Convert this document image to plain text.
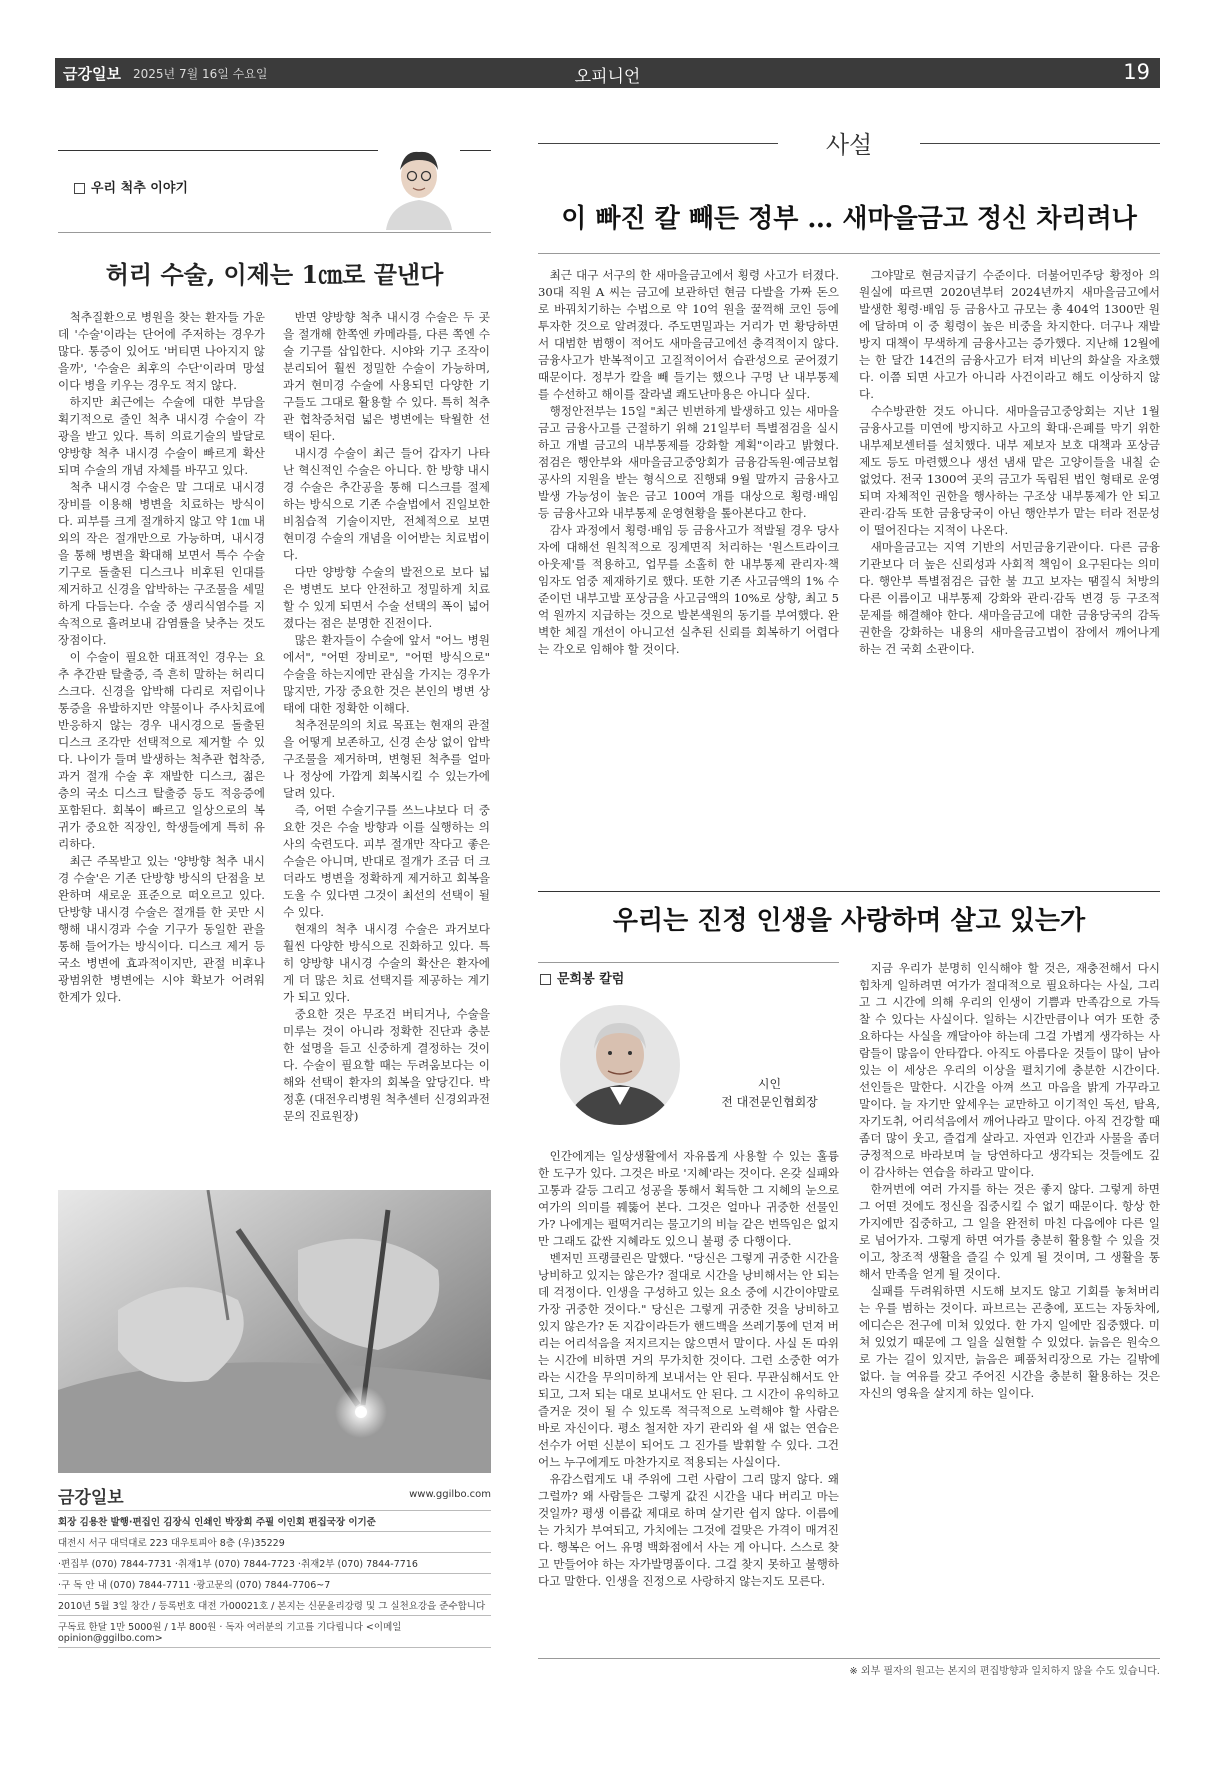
금강일보 2025년 7월 16일 수요일	오피니언	19
우리 척추 이야기
허리 수술, 이제는 1㎝로 끝낸다

척추질환으로 병원을 찾는 환자들 가운데 '수술'이라는 단어에 주저하는 경우가 많다. 통증이 있어도 '버티면 나아지지 않을까', '수술은 최후의 수단'이라며 망설이다 병을 키우는 경우도 적지 않다.

하지만 최근에는 수술에 대한 부담을 획기적으로 줄인 척추 내시경 수술이 각광을 받고 있다. 특히 의료기술의 발달로 양방향 척추 내시경 수술이 빠르게 확산되며 수술의 개념 자체를 바꾸고 있다.

척추 내시경 수술은 말 그대로 내시경 장비를 이용해 병변을 치료하는 방식이다. 피부를 크게 절개하지 않고 약 1㎝ 내외의 작은 절개만으로 가능하며, 내시경을 통해 병변을 확대해 보면서 특수 수술 기구로 돌출된 디스크나 비후된 인대를 제거하고 신경을 압박하는 구조물을 세밀하게 다듬는다. 수술 중 생리식염수를 지속적으로 흘려보내 감염률을 낮추는 것도 장점이다.

이 수술이 필요한 대표적인 경우는 요추 추간판 탈출증, 즉 흔히 말하는 허리디스크다. 신경을 압박해 다리로 저림이나 통증을 유발하지만 약물이나 주사치료에 반응하지 않는 경우 내시경으로 돌출된 디스크 조각만 선택적으로 제거할 수 있다. 나이가 들며 발생하는 척추관 협착증, 과거 절개 수술 후 재발한 디스크, 젊은 층의 국소 디스크 탈출증 등도 적응증에 포함된다. 회복이 빠르고 일상으로의 복귀가 중요한 직장인, 학생들에게 특히 유리하다.

최근 주목받고 있는 '양방향 척추 내시경 수술'은 기존 단방향 방식의 단점을 보완하며 새로운 표준으로 떠오르고 있다. 단방향 내시경 수술은 절개를 한 곳만 시행해 내시경과 수술 기구가 동일한 관을 통해 들어가는 방식이다. 디스크 제거 등 국소 병변에 효과적이지만, 관절 비후나 광범위한 병변에는 시야 확보가 어려워 한계가 있다.

반면 양방향 척추 내시경 수술은 두 곳을 절개해 한쪽엔 카메라를, 다른 쪽엔 수술 기구를 삽입한다. 시야와 기구 조작이 분리되어 훨씬 정밀한 수술이 가능하며, 과거 현미경 수술에 사용되던 다양한 기구들도 그대로 활용할 수 있다. 특히 척추관 협착증처럼 넓은 병변에는 탁월한 선택이 된다.

내시경 수술이 최근 들어 갑자기 나타난 혁신적인 수술은 아니다. 한 방향 내시경 수술은 추간공을 통해 디스크를 절제하는 방식으로 기존 수술법에서 진일보한 비침습적 기술이지만, 전체적으로 보면 현미경 수술의 개념을 이어받는 치료법이다.

다만 양방향 수술의 발전으로 보다 넓은 병변도 보다 안전하고 정밀하게 치료할 수 있게 되면서 수술 선택의 폭이 넓어졌다는 점은 분명한 진전이다.

많은 환자들이 수술에 앞서 "어느 병원에서", "어떤 장비로", "어떤 방식으로" 수술을 하는지에만 관심을 가지는 경우가 많지만, 가장 중요한 것은 본인의 병변 상태에 대한 정확한 이해다.

척추전문의의 치료 목표는 현재의 관절을 어떻게 보존하고, 신경 손상 없이 압박 구조물을 제거하며, 변형된 척추를 얼마나 정상에 가깝게 회복시킬 수 있는가에 달려 있다.

즉, 어떤 수술기구를 쓰느냐보다 더 중요한 것은 수술 방향과 이를 실행하는 의사의 숙련도다. 피부 절개만 작다고 좋은 수술은 아니며, 반대로 절개가 조금 더 크더라도 병변을 정확하게 제거하고 회복을 도울 수 있다면 그것이 최선의 선택이 될 수 있다.

현재의 척추 내시경 수술은 과거보다 훨씬 다양한 방식으로 진화하고 있다. 특히 양방향 내시경 수술의 확산은 환자에게 더 많은 치료 선택지를 제공하는 계기가 되고 있다.

중요한 것은 무조건 버티거나, 수술을 미루는 것이 아니라 정확한 진단과 충분한 설명을 듣고 신중하게 결정하는 것이다. 수술이 필요할 때는 두려움보다는 이해와 선택이 환자의 회복을 앞당긴다. 박정훈 (대전우리병원 척추센터 신경외과전문의 진료원장)

금강일보	www.ggilbo.com
회장 김용찬 발행·편집인 김장식 인쇄인 박장희 주필 이인회 편집국장 이기준
대전시 서구 대덕대로 223 대우토피아 8층 (우)35229
·편집부 (070) 7844-7731 ·취재1부 (070) 7844-7723 ·취재2부 (070) 7844-7716
·구 독 안 내 (070) 7844-7711 ·광고문의 (070) 7844-7706~7
2010년 5월 3일 창간 / 등록번호 대전 가00021호 / 본지는 신문윤리강령 및 그 실천요강을 준수합니다
구독료 한달 1만 5000원 / 1부 800원 · 독자 여러분의 기고를 기다립니다 <이메일 opinion@ggilbo.com>
사설
이 빠진 칼 빼든 정부 … 새마을금고 정신 차리려나

최근 대구 서구의 한 새마을금고에서 횡령 사고가 터졌다. 30대 직원 A 씨는 금고에 보관하던 현금 다발을 가짜 돈으로 바꿔치기하는 수법으로 약 10억 원을 꿀꺽해 코인 등에 투자한 것으로 알려졌다. 주도면밀과는 거리가 먼 황당하면서 대범한 범행이 적어도 새마을금고에선 충격적이지 않다. 금융사고가 반복적이고 고질적이어서 습관성으로 굳어졌기 때문이다. 정부가 칼을 빼 들기는 했으나 구멍 난 내부통제를 수선하고 해이를 잘라낼 쾌도난마용은 아니다 싶다.

행정안전부는 15일 "최근 빈번하게 발생하고 있는 새마을금고 금융사고를 근절하기 위해 21일부터 특별점검을 실시하고 개별 금고의 내부통제를 강화할 계획"이라고 밝혔다. 점검은 행안부와 새마을금고중앙회가 금융감독원·예금보험공사의 지원을 받는 형식으로 진행돼 9월 말까지 금융사고 발생 가능성이 높은 금고 100여 개를 대상으로 횡령·배임 등 금융사고와 내부통제 운영현황을 톺아본다고 한다.

감사 과정에서 횡령·배임 등 금융사고가 적발될 경우 당사자에 대해선 원칙적으로 징계면직 처리하는 '원스트라이크 아웃제'를 적용하고, 업무를 소홀히 한 내부통제 관리자·책임자도 엄중 제재하기로 했다. 또한 기존 사고금액의 1% 수준이던 내부고발 포상금을 사고금액의 10%로 상향, 최고 5억 원까지 지급하는 것으로 발본색원의 동기를 부여했다. 완벽한 체질 개선이 아니고선 실추된 신뢰를 회복하기 어렵다는 각오로 임해야 할 것이다.

그야말로 현금지급기 수준이다. 더불어민주당 황정아 의원실에 따르면 2020년부터 2024년까지 새마을금고에서 발생한 횡령·배임 등 금융사고 규모는 총 404억 1300만 원에 달하며 이 중 횡령이 높은 비중을 차지한다. 더구나 재발 방지 대책이 무색하게 금융사고는 증가했다. 지난해 12월에는 한 달간 14건의 금융사고가 터져 비난의 화살을 자초했다. 이쯤 되면 사고가 아니라 사건이라고 해도 이상하지 않다.

수수방관한 것도 아니다. 새마을금고중앙회는 지난 1월 금융사고를 미연에 방지하고 사고의 확대·은폐를 막기 위한 내부제보센터를 설치했다. 내부 제보자 보호 대책과 포상금제도 등도 마련했으나 생선 냄새 맡은 고양이들을 내칠 순 없었다. 전국 1300여 곳의 금고가 독립된 법인 형태로 운영되며 자체적인 권한을 행사하는 구조상 내부통제가 안 되고 관리·감독 또한 금융당국이 아닌 행안부가 맡는 터라 전문성이 떨어진다는 지적이 나온다.

새마을금고는 지역 기반의 서민금융기관이다. 다른 금융기관보다 더 높은 신뢰성과 사회적 책임이 요구된다는 의미다. 행안부 특별점검은 급한 불 끄고 보자는 땜질식 처방의 다른 이름이고 내부통제 강화와 관리·감독 변경 등 구조적 문제를 해결해야 한다. 새마을금고에 대한 금융당국의 감독 권한을 강화하는 내용의 새마을금고법이 잠에서 깨어나게 하는 건 국회 소관이다.

우리는 진정 인생을 사랑하며 살고 있는가
문희봉 칼럼
시인
전 대전문인협회장

인간에게는 일상생활에서 자유롭게 사용할 수 있는 훌륭한 도구가 있다. 그것은 바로 '지혜'라는 것이다. 온갖 실패와 고통과 갈등 그리고 성공을 통해서 획득한 그 지혜의 눈으로 여가의 의미를 꿰뚫어 본다. 그것은 얼마나 귀중한 선물인가? 나에게는 펄떡거리는 물고기의 비늘 같은 번뜩임은 없지만 그래도 값싼 지혜라도 있으니 불평 중 다행이다.

벤저민 프랭클린은 말했다. "당신은 그렇게 귀중한 시간을 낭비하고 있지는 않은가? 절대로 시간을 낭비해서는 안 되는데 걱정이다. 인생을 구성하고 있는 요소 중에 시간이야말로 가장 귀중한 것이다." 당신은 그렇게 귀중한 것을 낭비하고 있지 않은가? 돈 지갑이라든가 핸드백을 쓰레기통에 던져 버리는 어리석음을 저지르지는 않으면서 말이다. 사실 돈 따위는 시간에 비하면 거의 무가치한 것이다. 그런 소중한 여가라는 시간을 무의미하게 보내서는 안 된다. 무관심해서도 안 되고, 그저 되는 대로 보내서도 안 된다. 그 시간이 유익하고 즐거운 것이 될 수 있도록 적극적으로 노력해야 할 사람은 바로 자신이다. 평소 철저한 자기 관리와 쉴 새 없는 연습은 선수가 어떤 신분이 되어도 그 진가를 발휘할 수 있다. 그건 어느 누구에게도 마찬가지로 적용되는 사실이다.

유감스럽게도 내 주위에 그런 사람이 그리 많지 않다. 왜 그럴까? 왜 사람들은 그렇게 값진 시간을 내다 버리고 마는 것일까? 평생 이름값 제대로 하며 살기란 쉽지 않다. 이름에는 가치가 부여되고, 가치에는 그것에 걸맞은 가격이 매겨진다. 행복은 어느 유명 백화점에서 사는 게 아니다. 스스로 찾고 만들어야 하는 자가발명품이다. 그걸 찾지 못하고 불행하다고 말한다. 인생을 진정으로 사랑하지 않는지도 모른다.

지금 우리가 분명히 인식해야 할 것은, 재충전해서 다시 힘차게 일하려면 여가가 절대적으로 필요하다는 사실, 그리고 그 시간에 의해 우리의 인생이 기쁨과 만족감으로 가득 찰 수 있다는 사실이다. 일하는 시간만큼이나 여가 또한 중요하다는 사실을 깨달아야 하는데 그걸 가볍게 생각하는 사람들이 많음이 안타깝다. 아직도 아름다운 것들이 많이 남아 있는 이 세상은 우리의 이상을 펼치기에 충분한 시간이다. 선인들은 말한다. 시간을 아껴 쓰고 마음을 밝게 가꾸라고 말이다. 늘 자기만 앞세우는 교만하고 이기적인 독선, 탐욕, 자기도취, 어리석음에서 깨어나라고 말이다. 아직 건강할 때 좀더 많이 웃고, 즐겁게 살라고. 자연과 인간과 사물을 좀더 긍정적으로 바라보며 늘 당연하다고 생각되는 것들에도 깊이 감사하는 연습을 하라고 말이다.

한꺼번에 여러 가지를 하는 것은 좋지 않다. 그렇게 하면 그 어떤 것에도 정신을 집중시킬 수 없기 때문이다. 항상 한 가지에만 집중하고, 그 일을 완전히 마친 다음에야 다른 일로 넘어가자. 그렇게 하면 여가를 충분히 활용할 수 있을 것이고, 창조적 생활을 즐길 수 있게 될 것이며, 그 생활을 통해서 만족을 얻게 될 것이다.

실패를 두려워하면 시도해 보지도 않고 기회를 놓쳐버리는 우를 범하는 것이다. 파브르는 곤충에, 포드는 자동차에, 에디슨은 전구에 미쳐 있었다. 한 가지 일에만 집중했다. 미쳐 있었기 때문에 그 일을 실현할 수 있었다. 늙음은 원숙으로 가는 길이 있지만, 늙음은 폐품처리장으로 가는 길밖에 없다. 늘 여유를 갖고 주어진 시간을 충분히 활용하는 것은 자신의 영육을 살지게 하는 일이다.

※ 외부 필자의 원고는 본지의 편집방향과 일치하지 않을 수도 있습니다.
